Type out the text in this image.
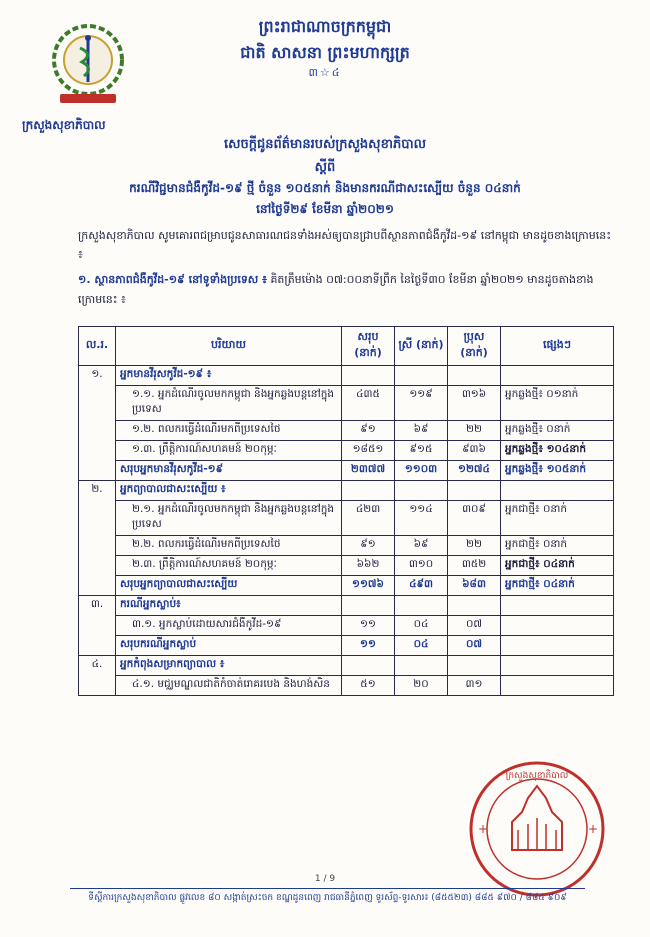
ព្រះរាជាណាចក្រកម្ពុជា
ជាតិ សាសនា ព្រះមហាក្សត្រ
៣☆៤
ក្រសួងសុខាភិបាល
សេចក្ដីជូនព័ត៌មានរបស់ក្រសួងសុខាភិបាល
ស្ដីពី
ករណីវិជ្ជមានជំងឺកូវីដ-១៩ ថ្មី ចំនួន ១០៥នាក់ និងមានករណីជាសះស្បើយ ចំនួន ០៤នាក់
នៅថ្ងៃទី២៩ ខែមីនា ឆ្នាំ២០២១
ក្រសួងសុខាភិបាល សូមគោរពជម្រាបជូនសាធារណជនទាំងអស់ឲ្យបានជ្រាបពីស្ថានភាពជំងឺកូវីដ-១៩ នៅកម្ពុជា មានដូចខាងក្រោមនេះ ៖
១. ស្ថានភាពជំងឺកូវីដ-១៩ នៅទូទាំងប្រទេស ៖ គិតត្រឹមម៉ោង ០៧:០០នាទីព្រឹក នៃថ្ងៃទី៣០ ខែមីនា ឆ្នាំ២០២១ មានដូចតាងខាងក្រោមនេះ ៖
ល.រ.	បរិយាយ	សរុប (នាក់)	ស្រី (នាក់)	ប្រុស (នាក់)	ផ្សេងៗ
១.	អ្នកមានវីរុសកូវីដ-១៩ ៖				
	១.១. អ្នកដំណើរចូលមកកម្ពុជា និងអ្នកឆ្លងបន្តនៅក្នុងប្រទេស	៤៣៥	១១៩	៣១៦	អ្នកឆ្លងថ្មី៖ ០១នាក់
	១.២. ពលករធ្វើដំណើរមកពីប្រទេសថៃ	៩១	៦៩	២២	អ្នកឆ្លងថ្មី៖ ០នាក់
	១.៣. ព្រឹត្តិការណ៍សហគមន៍ ២០កុម្ភៈ	១៨៥១	៩១៥	៩៣៦	អ្នកឆ្លងថ្មី៖ ១០៤នាក់
	សរុបអ្នកមានវីរុសកូវីដ-១៩	២៣៧៧	១១០៣	១២៧៤	អ្នកឆ្លងថ្មី៖ ១០៥នាក់
២.	អ្នកព្យាបាលជាសះស្បើយ ៖				
	២.១. អ្នកដំណើរចូលមកកម្ពុជា និងអ្នកឆ្លងបន្តនៅក្នុងប្រទេស	៤២៣	១១៤	៣០៩	អ្នកជាថ្មី៖ ០នាក់
	២.២. ពលករធ្វើដំណើរមកពីប្រទេសថៃ	៩១	៦៩	២២	អ្នកជាថ្មី៖ ០នាក់
	២.៣. ព្រឹត្តិការណ៍សហគមន៍ ២០កុម្ភៈ	៦៦២	៣១០	៣៥២	អ្នកជាថ្មី៖ ០៤នាក់
	សរុបអ្នកព្យាបាលជាសះស្បើយ	១១៧៦	៤៩៣	៦៨៣	អ្នកជាថ្មី៖ ០៤នាក់
៣.	ករណីអ្នកស្លាប់៖				
	៣.១. អ្នកស្លាប់ដោយសារជំងឺកូវីដ-១៩	១១	០៤	០៧	
	សរុបករណីអ្នកស្លាប់	១១	០៤	០៧	
៤.	អ្នកកំពុងសម្រាកព្យាបាល ៖				
	៤.១. មជ្ឈមណ្ឌលជាតិកំចាត់រោគរបេង និងហង់សិន	៥១	២០	៣១	
ក្រសួងសុខាភិបាល
+	+
1 / 9
ទីស្ដីការក្រសួងសុខាភិបាល ផ្លូវលេខ ៨០ សង្កាត់ស្រះចក ខណ្ឌដូនពេញ រាជធានីភ្នំពេញ ទូរស័ព្ទ-ទូរសារ៖ (៨៥៥២៣) ៨៨៥ ៩៧០ / ៨៨៤ ៩០៩
